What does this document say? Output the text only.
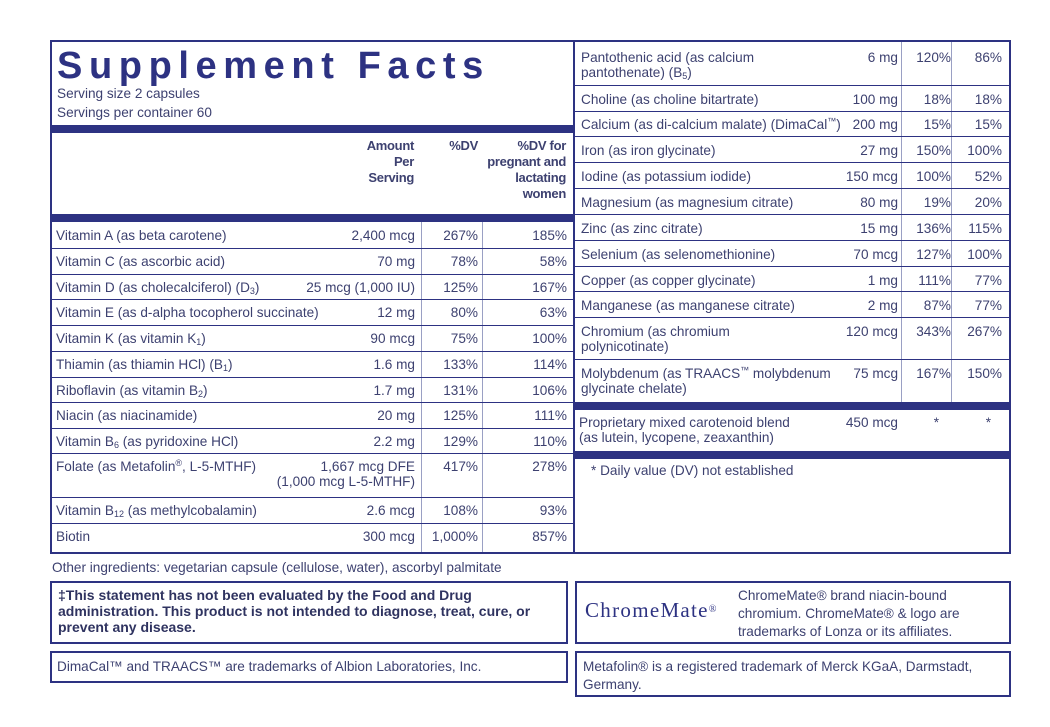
Supplement Facts
Serving size 2 capsules
Servings per container 60
Amount
Per
Serving
%DV	%DV for
pregnant and
lactating
women
Vitamin A (as beta carotene)	2,400 mcg 267%	185%
Vitamin C (as ascorbic acid)	70 mg	78%	58%
Vitamin D (as cholecalciferol) $(D_3)$	25 mcg (1,000 IU) 125%	167%
Vitamin E (as d-alpha tocopherol succinate)	12 mg	80%	63%
Vitamin K (as vitamin $K_1$)	90 mcg	75%	100%
Thiamin (as thiamin HCl) $(B_1)$	1.6 mg 133%	114%
Riboflavin (as vitamin $B_2$)	1.7 mg 131%	106%
Niacin (as niacinamide)	20 mg 125%	111%
Vitamin $B_6$ (as pyridoxine HCl)	2.2 mg 129%	110%
Folate (as Metafolin®, L-5-MTHF)	1,667 mcg DFE
(1,000 mcg L-5-MTHF)
417%	278%
Vitamin $B_{12}$ (as methylcobalamin)	2.6 mcg 108%	93%
Biotin	300 mcg 1,000%	857%
Pantothenic acid (as calcium
pantothenate) $(B_5)$
6 mg 120% 86%
Choline (as choline bitartrate)	100 mg 18% 18%
Calcium (as di-calcium malate) (DimaCal™) 200 mg 15% 15%
Iron (as iron glycinate)	27 mg 150% 100%
Iodine (as potassium iodide)	150 mcg 100% 52%
Magnesium (as magnesium citrate)	80 mg 19% 20%
Zinc (as zinc citrate)	15 mg 136% 115%
Selenium (as selenomethionine)	70 mcg 127% 100%
Copper (as copper glycinate)	1 mg 111% 77%
Manganese (as manganese citrate)	2 mg 87% 77%
Chromium (as chromium
polynicotinate)
120 mcg 343% 267%
Molybdenum (as TRAACS™ molybdenum
glycinate chelate)
75 mcg 167% 150%
Proprietary mixed carotenoid blend
(as lutein, lycopene, zeaxanthin)
450 mcg	*	*
* Daily value (DV) not established
Other ingredients: vegetarian capsule (cellulose, water), ascorbyl palmitate
‡This statement has not been evaluated by the Food and Drug administration. This product is not intended to diagnose, treat, cure, or prevent any disease.
ChromeMate®
ChromeMate® brand niacin-bound chromium. ChromeMate® & logo are trademarks of Lonza or its affiliates.
DimaCal™ and TRAACS™ are trademarks of Albion Laboratories, Inc.	Metafolin® is a registered trademark of Merck KGaA, Darmstadt, Germany.
